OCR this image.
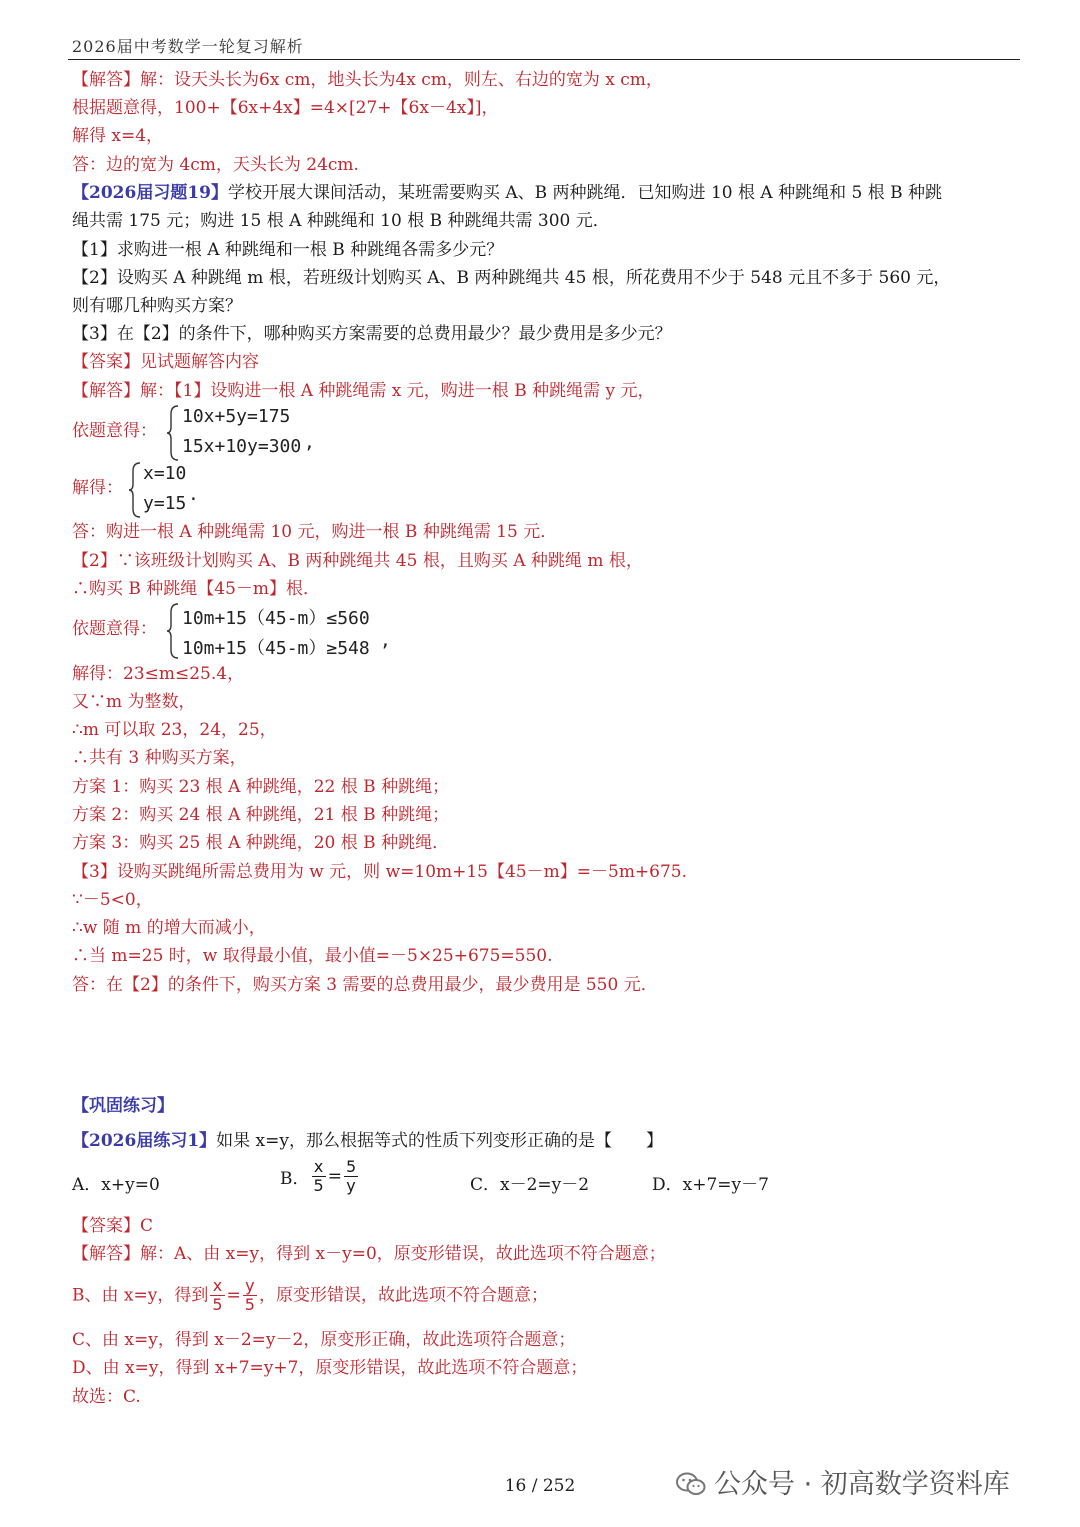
2026届中考数学一轮复习解析
【解答】解：设天头长为6x cm，地头长为4x cm，则左、右边的宽为 x cm，
根据题意得，100+【6x+4x】=4×[27+【6x－4x】]，
解得 x=4，
答：边的宽为 4cm，天头长为 24cm.
【2026届习题19】学校开展大课间活动，某班需要购买 A、B 两种跳绳．已知购进 10 根 A 种跳绳和 5 根 B 种跳
绳共需 175 元；购进 15 根 A 种跳绳和 10 根 B 种跳绳共需 300 元．
【1】求购进一根 A 种跳绳和一根 B 种跳绳各需多少元？
【2】设购买 A 种跳绳 m 根，若班级计划购买 A、B 两种跳绳共 45 根，所花费用不少于 548 元且不多于 560 元，
则有哪几种购买方案？
【3】在【2】的条件下，哪种购买方案需要的总费用最少？最少费用是多少元？
【答案】见试题解答内容
【解答】解：【1】设购进一根 A 种跳绳需 x 元，购进一根 B 种跳绳需 y 元，
依题意得：
10x+5y=175
15x+10y=300 ,
解得：
x=10
y=15 .
答：购进一根 A 种跳绳需 10 元，购进一根 B 种跳绳需 15 元．
【2】∵该班级计划购买 A、B 两种跳绳共 45 根，且购买 A 种跳绳 m 根，
∴购买 B 种跳绳【45－m】根．
依题意得： 10m+15（45-m）≤560
10m+15（45-m）≥548 ,
解得：23≤m≤25.4，
又∵m 为整数，
∴m 可以取 23，24，25，
∴共有 3 种购买方案，
方案 1：购买 23 根 A 种跳绳，22 根 B 种跳绳；
方案 2：购买 24 根 A 种跳绳，21 根 B 种跳绳；
方案 3：购买 25 根 A 种跳绳，20 根 B 种跳绳．
【3】设购买跳绳所需总费用为 w 元，则 w=10m+15【45－m】=－5m+675.
∵－5<0，
∴w 随 m 的增大而减小，
∴当 m=25 时，w 取得最小值，最小值=－5×25+675=550.
答：在【2】的条件下，购买方案 3 需要的总费用最少，最少费用是 550 元．
【巩固练习】
【2026届练习1】如果 x=y，那么根据等式的性质下列变形正确的是【　　】
A．x+y=0	B． $\frac{x}{5} = \frac{5}{y}$	C．x－2=y－2	D．x+7=y－7
【答案】C
【解答】解：A、由 x=y，得到 x－y=0，原变形错误，故此选项不符合题意；
B、由 x=y，得到 $\frac{x}{5} = \frac{y}{5}$ ，原变形错误，故此选项不符合题意；
C、由 x=y，得到 x－2=y－2，原变形正确，故此选项符合题意；
D、由 x=y，得到 x+7=y+7，原变形错误，故此选项不符合题意；
故选：C.
16 / 252	公众号 · 初高数学资料库
